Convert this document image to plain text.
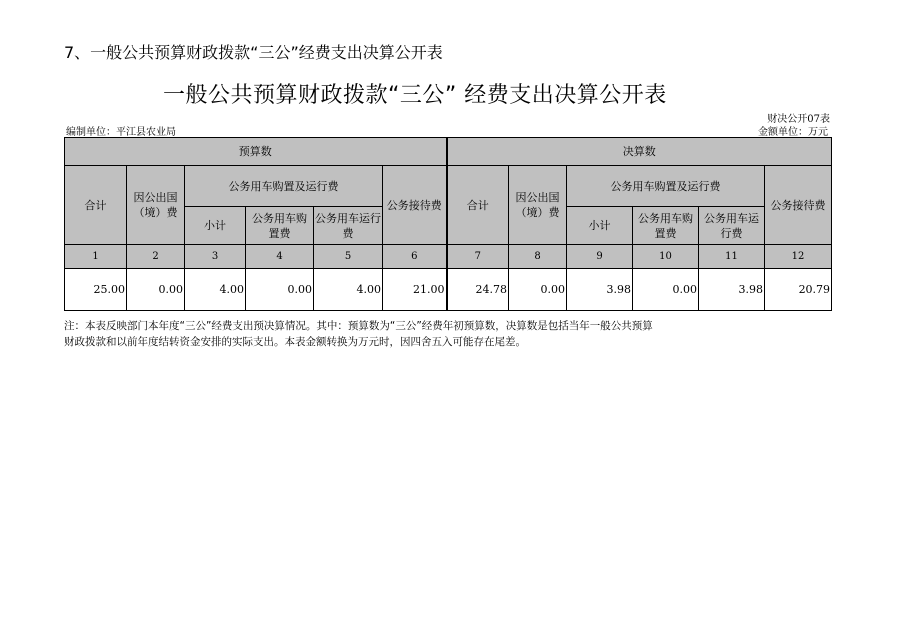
7、一般公共预算财政拨款“三公”经费支出决算公开表
一般公共预算财政拨款“三公” 经费支出决算公开表
财决公开07表
编制单位：平江县农业局	金额单位：万元
预算数						决算数					
合计	因公出国（境）费	公务用车购置及运行费			公务接待费	合计	因公出国（境）费	公务用车购置及运行费			公务接待费
		小计	公务用车购置费	公务用车运行费				小计	公务用车购置费	公务用车运行费	
1	2	3	4	5	6	7	8	9	10	11	12
25.00	0.00	4.00	0.00	4.00	21.00	24.78	0.00	3.98	0.00	3.98	20.79
注：本表反映部门本年度“三公”经费支出预决算情况。其中：预算数为“三公”经费年初预算数，决算数是包括当年一般公共预算
财政拨款和以前年度结转资金安排的实际支出。本表金额转换为万元时，因四舍五入可能存在尾差。
